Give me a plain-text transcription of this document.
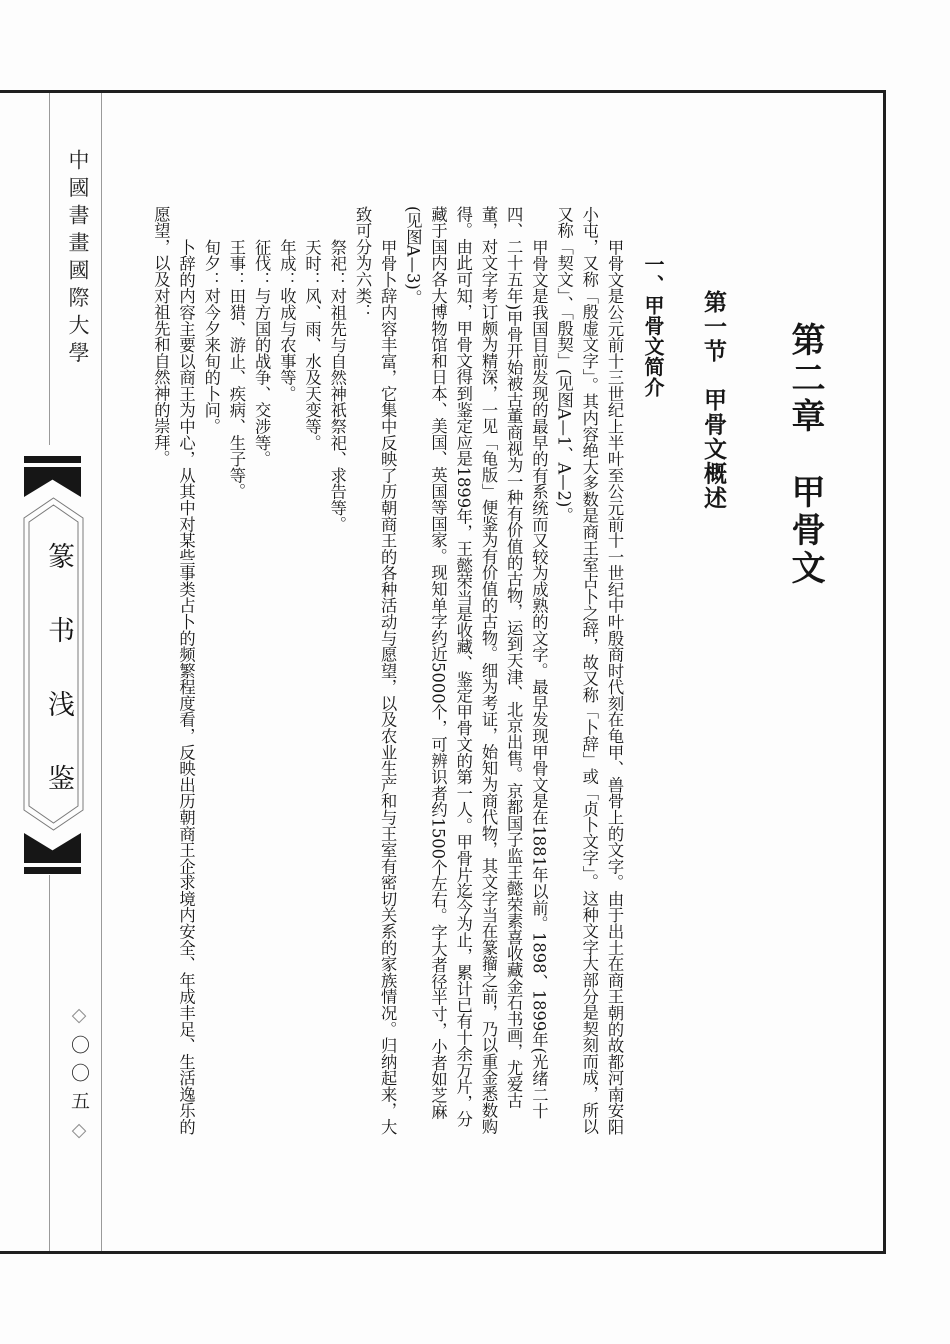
中國書畫國際大學
篆书浅鉴
◇〇〇五◇
第二章　甲骨文
第一节　甲骨文概述
一、甲骨文简介

甲骨文是公元前十三世纪上半叶至公元前十一世纪中叶殷商时代刻在龟甲、兽骨上的文字。由于出土在商王朝的故都河南安阳小屯，又称「殷虚文字」。其内容绝大多数是商王室占卜之辞，故又称「卜辞」或「贞卜文字」。这种文字大部分是契刻而成，所以又称「契文」、「殷契」(见图A—1、A—2)。

甲骨文是我国目前发现的最早的有系统而又较为成熟的文字。最早发现甲骨文是在1881年以前。1898、1899年(光绪二十四、二十五年)甲骨开始被古董商视为一种有价值的古物，运到天津、北京出售。京都国子监王懿荣素喜收藏金石书画，尤爱古董，对文字考订颇为精深，一见「龟版」便鉴为有价值的古物。细为考证，始知为商代物，其文字当在篆籀之前，乃以重金悉数购得。由此可知，甲骨文得到鉴定应是1899年，王懿荣当是收藏、鉴定甲骨文的第一人。甲骨片迄今为止，累计已有十余万片，分藏于国内各大博物馆和日本、美国、英国等国家。现知单字约近5000个，可辨识者约1500个左右。字大者径半寸，小者如芝麻(见图A—3)。

甲骨卜辞内容丰富，它集中反映了历朝商王的各种活动与愿望，以及农业生产和与王室有密切关系的家族情况。归纳起来，大致可分为六类：

祭祀：对祖先与自然神祇祭祀、求告等。

天时：风、雨、水及天变等。

年成：收成与农事等。

征伐：与方国的战争、交涉等。

王事：田猎、游止、疾病、生子等。

旬夕：对今夕来旬的卜问。

卜辞的内容主要以商王为中心，从其中对某些事类占卜的频繁程度看，反映出历朝商王企求境内安全、年成丰足、生活逸乐的愿望，以及对祖先和自然神的崇拜。
